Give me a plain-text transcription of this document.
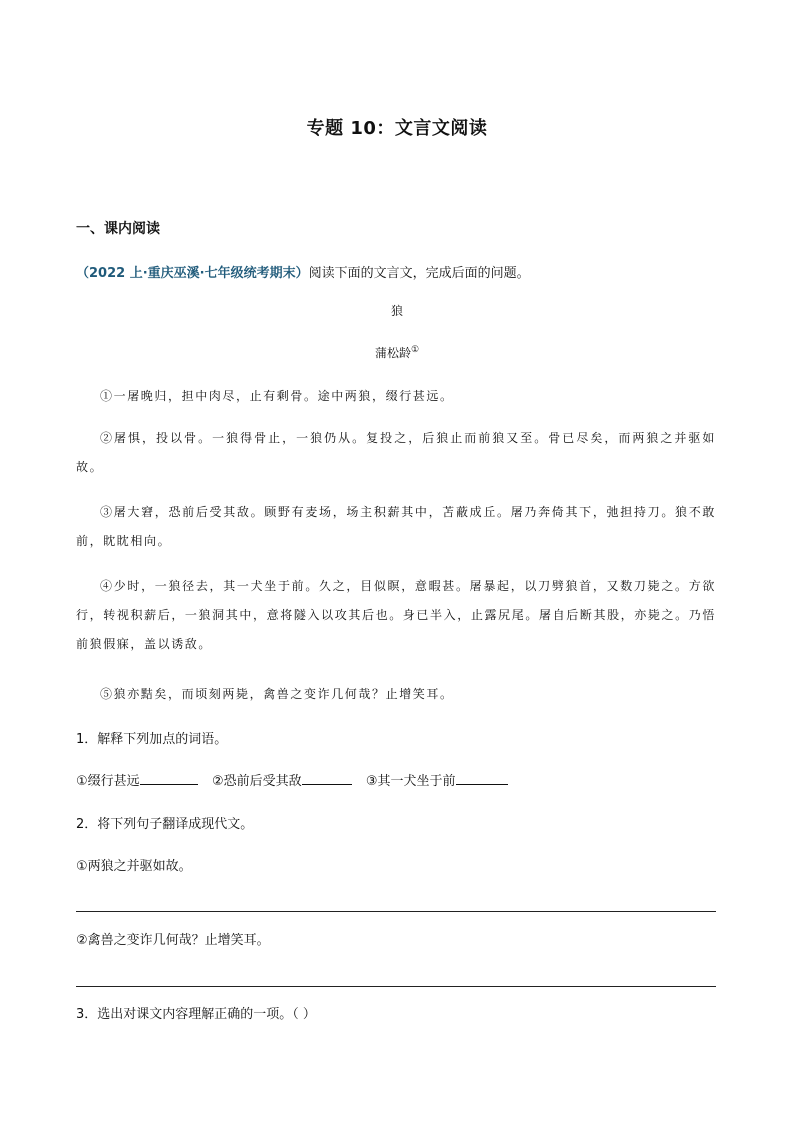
专题 10：文言文阅读
一、课内阅读
（2022 上·重庆巫溪·七年级统考期末）阅读下面的文言文，完成后面的问题。
狼
蒲松龄①
①一屠晚归，担中肉尽，止有剩骨。途中两狼，缀行甚远。
②屠惧，投以骨。一狼得骨止，一狼仍从。复投之，后狼止而前狼又至。骨已尽矣，而两狼之并驱如故。
③屠大窘，恐前后受其敌。顾野有麦场，场主积薪其中，苫蔽成丘。屠乃奔倚其下，弛担持刀。狼不敢前，眈眈相向。
④少时，一狼径去，其一犬坐于前。久之，目似瞑，意暇甚。屠暴起，以刀劈狼首，又数刀毙之。方欲行，转视积薪后，一狼洞其中，意将隧入以攻其后也。身已半入，止露尻尾。屠自后断其股，亦毙之。乃悟前狼假寐，盖以诱敌。
⑤狼亦黠矣，而顷刻两毙，禽兽之变诈几何哉？止增笑耳。
1．解释下列加点的词语。
①缀行甚远	②恐前后受其敌	③其一犬坐于前
2．将下列句子翻译成现代文。
①两狼之并驱如故。
②禽兽之变诈几何哉？止增笑耳。
3．选出对课文内容理解正确的一项。（ ）
